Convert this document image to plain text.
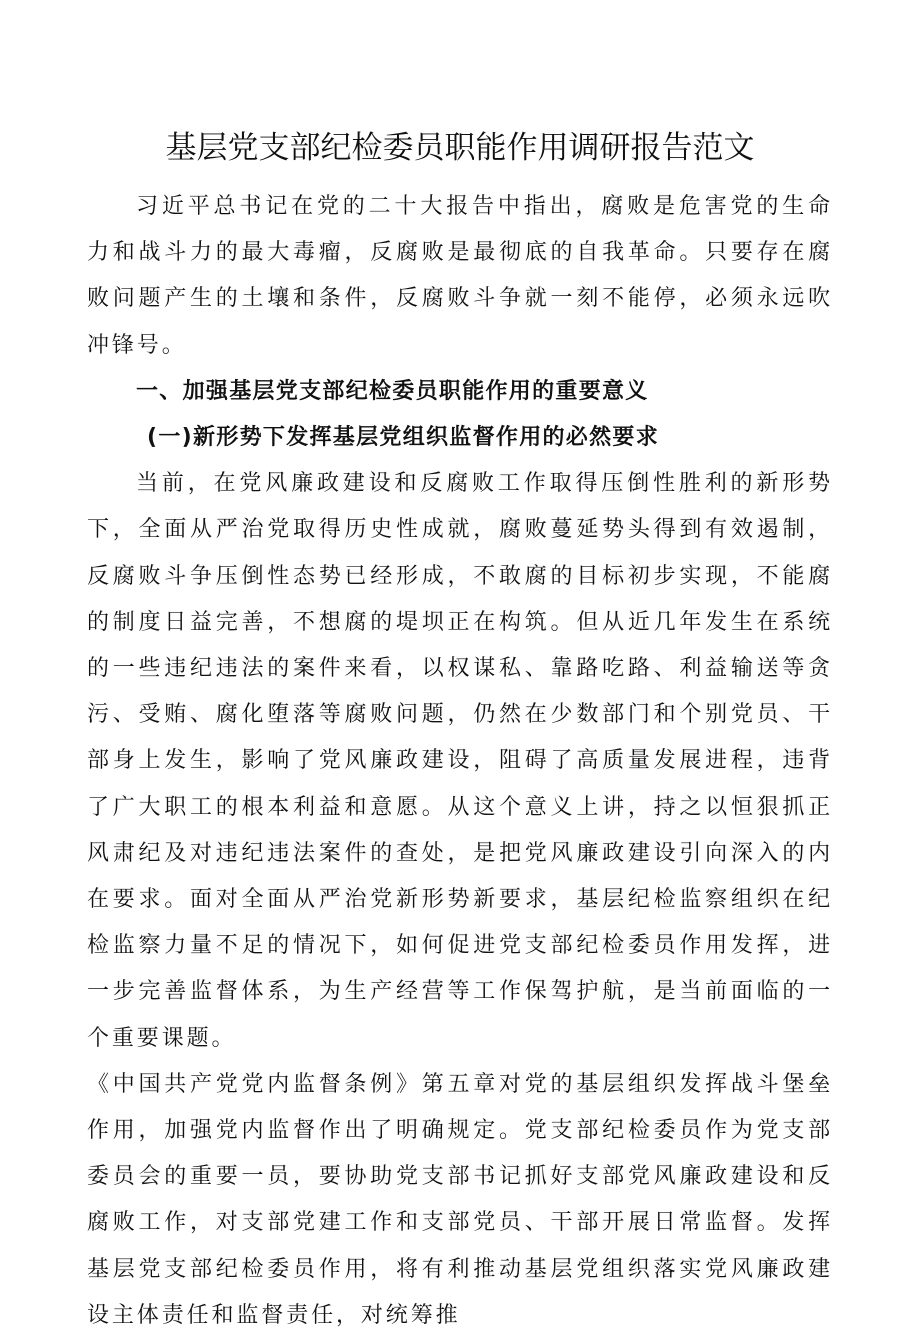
基层党支部纪检委员职能作用调研报告范文

习近平总书记在党的二十大报告中指出，腐败是危害党的生命力和战斗力的最大毒瘤，反腐败是最彻底的自我革命。只要存在腐败问题产生的土壤和条件，反腐败斗争就一刻不能停，必须永远吹冲锋号。

一、加强基层党支部纪检委员职能作用的重要意义

(一)新形势下发挥基层党组织监督作用的必然要求

当前，在党风廉政建设和反腐败工作取得压倒性胜利的新形势下，全面从严治党取得历史性成就，腐败蔓延势头得到有效遏制，反腐败斗争压倒性态势已经形成，不敢腐的目标初步实现，不能腐的制度日益完善，不想腐的堤坝正在构筑。但从近几年发生在系统的一些违纪违法的案件来看，以权谋私、靠路吃路、利益输送等贪污、受贿、腐化堕落等腐败问题，仍然在少数部门和个别党员、干部身上发生，影响了党风廉政建设，阻碍了高质量发展进程，违背了广大职工的根本利益和意愿。从这个意义上讲，持之以恒狠抓正风肃纪及对违纪违法案件的查处，是把党风廉政建设引向深入的内在要求。面对全面从严治党新形势新要求，基层纪检监察组织在纪检监察力量不足的情况下，如何促进党支部纪检委员作用发挥，进一步完善监督体系，为生产经营等工作保驾护航，是当前面临的一个重要课题。

《中国共产党党内监督条例》第五章对党的基层组织发挥战斗堡垒作用，加强党内监督作出了明确规定。党支部纪检委员作为党支部委员会的重要一员，要协助党支部书记抓好支部党风廉政建设和反腐败工作，对支部党建工作和支部党员、干部开展日常监督。发挥基层党支部纪检委员作用，将有利推动基层党组织落实党风廉政建设主体责任和监督责任，对统筹推
